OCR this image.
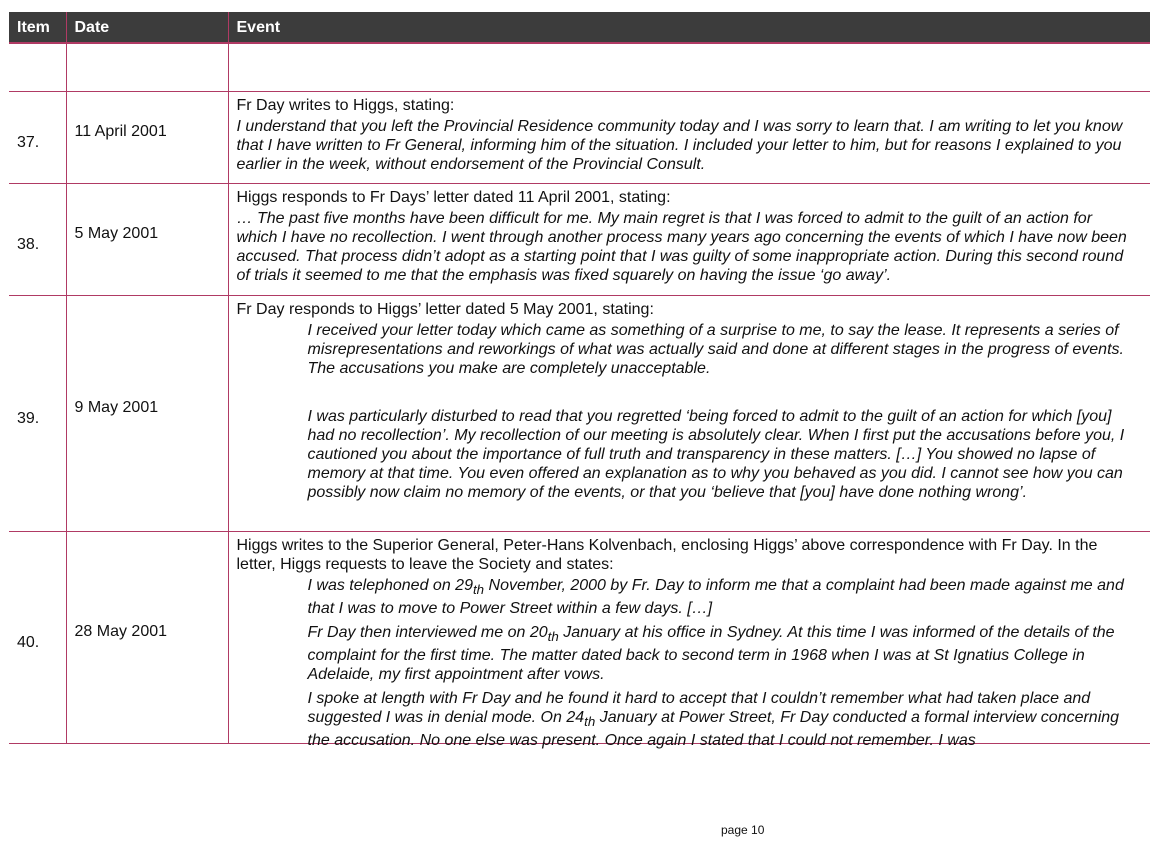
Item	Date	Event

37.	11 April 2001	Fr Day writes to Higgs, stating:

I understand that you left the Provincial Residence community today and I was sorry to learn that. I am writing to let you know that I have written to Fr General, informing him of the situation. I included your letter to him, but for reasons I explained to you earlier in the week, without endorsement of the Provincial Consult.

38.	5 May 2001	Higgs responds to Fr Days’ letter dated 11 April 2001, stating:

… The past five months have been difficult for me. My main regret is that I was forced to admit to the guilt of an action for which I have no recollection. I went through another process many years ago concerning the events of which I have now been accused. That process didn’t adopt as a starting point that I was guilty of some inappropriate action. During this second round of trials it seemed to me that the emphasis was fixed squarely on having the issue ‘go away’.

39.	9 May 2001	Fr Day responds to Higgs’ letter dated 5 May 2001, stating:

I received your letter today which came as something of a surprise to me, to say the lease. It represents a series of misrepresentations and reworkings of what was actually said and done at different stages in the progress of events. The accusations you make are completely unacceptable.

I was particularly disturbed to read that you regretted ‘being forced to admit to the guilt of an action for which [you] had no recollection’. My recollection of our meeting is absolutely clear. When I first put the accusations before you, I cautioned you about the importance of full truth and transparency in these matters. […] You showed no lapse of memory at that time. You even offered an explanation as to why you behaved as you did. I cannot see how you can possibly now claim no memory of the events, or that you ‘believe that [you] have done nothing wrong’.

40.	28 May 2001	Higgs writes to the Superior General, Peter-Hans Kolvenbach, enclosing Higgs’ above correspondence with Fr Day. In the letter, Higgs requests to leave the Society and states:

I was telephoned on $29_{th}$ November, 2000 by Fr. Day to inform me that a complaint had been made against me and that I was to move to Power Street within a few days. […]

Fr Day then interviewed me on $20_{th}$ January at his office in Sydney. At this time I was informed of the details of the complaint for the first time. The matter dated back to second term in 1968 when I was at St Ignatius College in Adelaide, my first appointment after vows.

I spoke at length with Fr Day and he found it hard to accept that I couldn’t remember what had taken place and suggested I was in denial mode. On $24_{th}$ January at Power Street, Fr Day conducted a formal interview concerning the accusation. No one else was present. Once again I stated that I could not remember. I was

page 10
